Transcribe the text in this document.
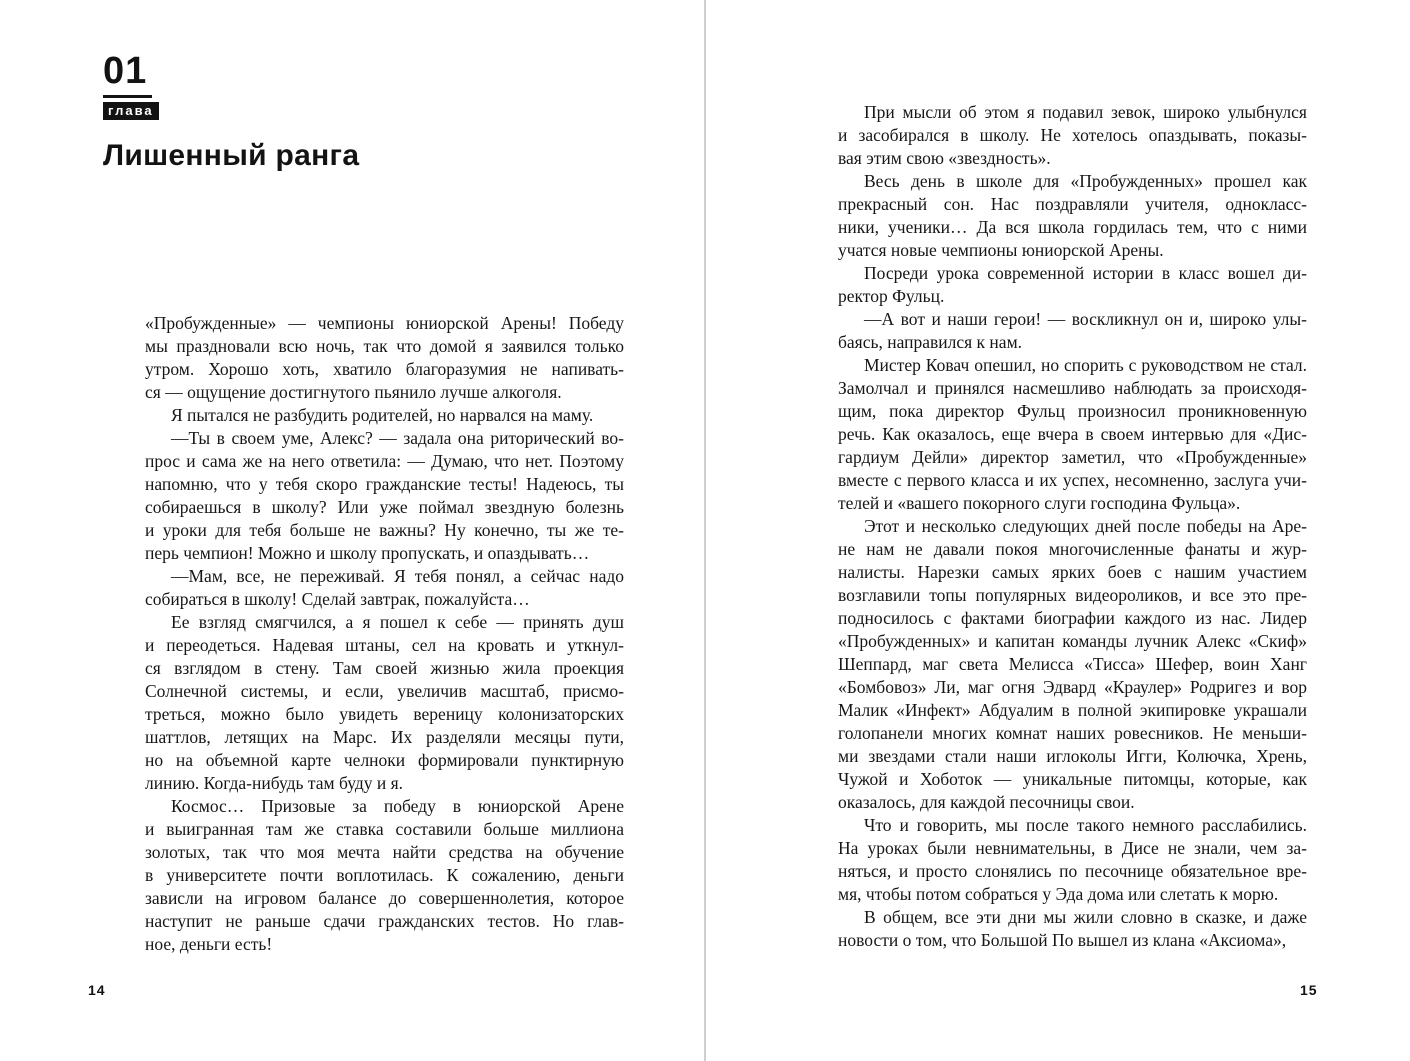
01
глава
Лишенный ранга
«Пробужденные» — чемпионы юниорской Арены! Победу
мы праздновали всю ночь, так что домой я заявился только
утром. Хорошо хоть, хватило благоразумия не напивать-
ся — ощущение достигнутого пьянило лучше алкоголя.
Я пытался не разбудить родителей, но нарвался на маму.
—Ты в своем уме, Алекс? — задала она риторический во-
прос и сама же на него ответила: — Думаю, что нет. Поэтому
напомню, что у тебя скоро гражданские тесты! Надеюсь, ты
собираешься в школу? Или уже поймал звездную болезнь
и уроки для тебя больше не важны? Ну конечно, ты же те-
перь чемпион! Можно и школу пропускать, и опаздывать…
—Мам, все, не переживай. Я тебя понял, а сейчас надо
собираться в школу! Сделай завтрак, пожалуйста…
Ее взгляд смягчился, а я пошел к себе — принять душ
и переодеться. Надевая штаны, сел на кровать и уткнул-
ся взглядом в стену. Там своей жизнью жила проекция
Солнечной системы, и если, увеличив масштаб, присмо-
треться, можно было увидеть вереницу колонизаторских
шаттлов, летящих на Марс. Их разделяли месяцы пути,
но на объемной карте челноки формировали пунктирную
линию. Когда-нибудь там буду и я.
Космос… Призовые за победу в юниорской Арене
и выигранная там же ставка составили больше миллиона
золотых, так что моя мечта найти средства на обучение
в университете почти воплотилась. К сожалению, деньги
зависли на игровом балансе до совершеннолетия, которое
наступит не раньше сдачи гражданских тестов. Но глав-
ное, деньги есть!
14
При мысли об этом я подавил зевок, широко улыбнулся
и засобирался в школу. Не хотелось опаздывать, показы-
вая этим свою «звездность».
Весь день в школе для «Пробужденных» прошел как
прекрасный сон. Нас поздравляли учителя, однокласс-
ники, ученики… Да вся школа гордилась тем, что с ними
учатся новые чемпионы юниорской Арены.
Посреди урока современной истории в класс вошел ди-
ректор Фульц.
—А вот и наши герои! — воскликнул он и, широко улы-
баясь, направился к нам.
Мистер Ковач опешил, но спорить с руководством не стал.
Замолчал и принялся насмешливо наблюдать за происходя-
щим, пока директор Фульц произносил проникновенную
речь. Как оказалось, еще вчера в своем интервью для «Дис-
гардиум Дейли» директор заметил, что «Пробужденные»
вместе с первого класса и их успех, несомненно, заслуга учи-
телей и «вашего покорного слуги господина Фульца».
Этот и несколько следующих дней после победы на Аре-
не нам не давали покоя многочисленные фанаты и жур-
налисты. Нарезки самых ярких боев с нашим участием
возглавили топы популярных видеороликов, и все это пре-
подносилось с фактами биографии каждого из нас. Лидер
«Пробужденных» и капитан команды лучник Алекс «Скиф»
Шеппард, маг света Мелисса «Тисса» Шефер, воин Ханг
«Бомбовоз» Ли, маг огня Эдвард «Краулер» Родригез и вор
Малик «Инфект» Абдуалим в полной экипировке украшали
голопанели многих комнат наших ровесников. Не меньши-
ми звездами стали наши иглоколы Игги, Колючка, Хрень,
Чужой и Хоботок — уникальные питомцы, которые, как
оказалось, для каждой песочницы свои.
Что и говорить, мы после такого немного расслабились.
На уроках были невнимательны, в Дисе не знали, чем за-
няться, и просто слонялись по песочнице обязательное вре-
мя, чтобы потом собраться у Эда дома или слетать к морю.
В общем, все эти дни мы жили словно в сказке, и даже
новости о том, что Большой По вышел из клана «Аксиома»,
15
